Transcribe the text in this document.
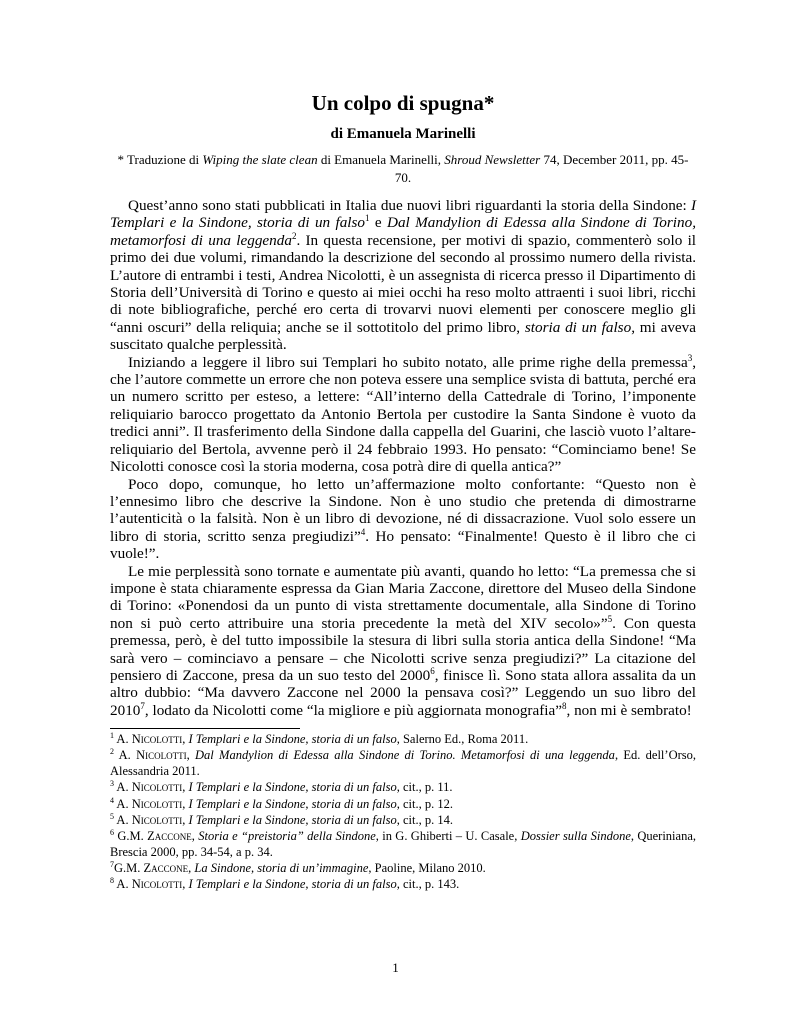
Un colpo di spugna*
di Emanuela Marinelli
* Traduzione di Wiping the slate clean di Emanuela Marinelli, Shroud Newsletter 74, December 2011, pp. 45-70.

Quest’anno sono stati pubblicati in Italia due nuovi libri riguardanti la storia della Sindone: I Templari e la Sindone, storia di un falso$^1$ e Dal Mandylion di Edessa alla Sindone di Torino, metamorfosi di una leggenda$^2$. In questa recensione, per motivi di spazio, commenterò solo il primo dei due volumi, rimandando la descrizione del secondo al prossimo numero della rivista. L’autore di entrambi i testi, Andrea Nicolotti, è un assegnista di ricerca presso il Dipartimento di Storia dell’Università di Torino e questo ai miei occhi ha reso molto attraenti i suoi libri, ricchi di note bibliografiche, perché ero certa di trovarvi nuovi elementi per conoscere meglio gli “anni oscuri” della reliquia; anche se il sottotitolo del primo libro, storia di un falso, mi aveva suscitato qualche perplessità.

Iniziando a leggere il libro sui Templari ho subito notato, alle prime righe della premessa$^3$, che l’autore commette un errore che non poteva essere una semplice svista di battuta, perché era un numero scritto per esteso, a lettere: “All’interno della Cattedrale di Torino, l’imponente reliquiario barocco progettato da Antonio Bertola per custodire la Santa Sindone è vuoto da tredici anni”. Il trasferimento della Sindone dalla cappella del Guarini, che lasciò vuoto l’altare-reliquiario del Bertola, avvenne però il 24 febbraio 1993. Ho pensato: “Cominciamo bene! Se Nicolotti conosce così la storia moderna, cosa potrà dire di quella antica?”

Poco dopo, comunque, ho letto un’affermazione molto confortante: “Questo non è l’ennesimo libro che descrive la Sindone. Non è uno studio che pretenda di dimostrarne l’autenticità o la falsità. Non è un libro di devozione, né di dissacrazione. Vuol solo essere un libro di storia, scritto senza pregiudizi”$^4$. Ho pensato: “Finalmente! Questo è il libro che ci vuole!”.

Le mie perplessità sono tornate e aumentate più avanti, quando ho letto: “La premessa che si impone è stata chiaramente espressa da Gian Maria Zaccone, direttore del Museo della Sindone di Torino: «Ponendosi da un punto di vista strettamente documentale, alla Sindone di Torino non si può certo attribuire una storia precedente la metà del XIV secolo»”$^5$. Con questa premessa, però, è del tutto impossibile la stesura di libri sulla storia antica della Sindone! “Ma sarà vero – cominciavo a pensare – che Nicolotti scrive senza pregiudizi?” La citazione del pensiero di Zaccone, presa da un suo testo del 2000$^6$, finisce lì. Sono stata allora assalita da un altro dubbio: “Ma davvero Zaccone nel 2000 la pensava così?” Leggendo un suo libro del 2010$^7$, lodato da Nicolotti come “la migliore e più aggiornata monografia”$^8$, non mi è sembrato!

$^1$ A. Nicolotti, I Templari e la Sindone, storia di un falso, Salerno Ed., Roma 2011.

$^2$ A. Nicolotti, Dal Mandylion di Edessa alla Sindone di Torino. Metamorfosi di una leggenda, Ed. dell’Orso, Alessandria 2011.

$^3$ A. Nicolotti, I Templari e la Sindone, storia di un falso, cit., p. 11.

$^4$ A. Nicolotti, I Templari e la Sindone, storia di un falso, cit., p. 12.

$^5$ A. Nicolotti, I Templari e la Sindone, storia di un falso, cit., p. 14.

$^6$ G.M. Zaccone, Storia e “preistoria” della Sindone, in G. Ghiberti – U. Casale, Dossier sulla Sindone, Queriniana, Brescia 2000, pp. 34-54, a p. 34.

$^7$G.M. Zaccone, La Sindone, storia di un’immagine, Paoline, Milano 2010.

$^8$ A. Nicolotti, I Templari e la Sindone, storia di un falso, cit., p. 143.

1
